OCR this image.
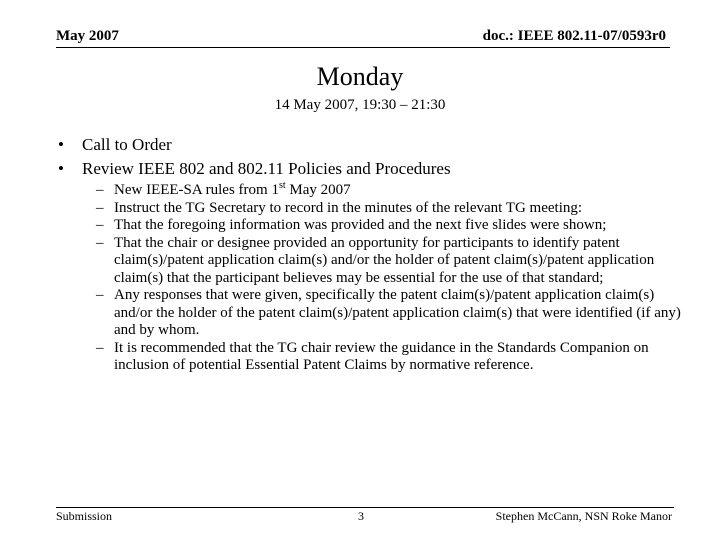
May 2007	doc.: IEEE 802.11-07/0593r0
Monday
14 May 2007, 19:30 – 21:30
• Call to Order
• Review IEEE 802 and 802.11 Policies and Procedures
– New IEEE-SA rules from 1st May 2007
– Instruct the TG Secretary to record in the minutes of the relevant TG meeting:
– That the foregoing information was provided and the next five slides were shown;
– That the chair or designee provided an opportunity for participants to identify patent claim(s)/patent application claim(s) and/or the holder of patent claim(s)/patent application claim(s) that the participant believes may be essential for the use of that standard;
– Any responses that were given, specifically the patent claim(s)/patent application claim(s) and/or the holder of the patent claim(s)/patent application claim(s) that were identified (if any) and by whom.
– It is recommended that the TG chair review the guidance in the Standards Companion on inclusion of potential Essential Patent Claims by normative reference.
Submission	3	Stephen McCann, NSN Roke Manor
